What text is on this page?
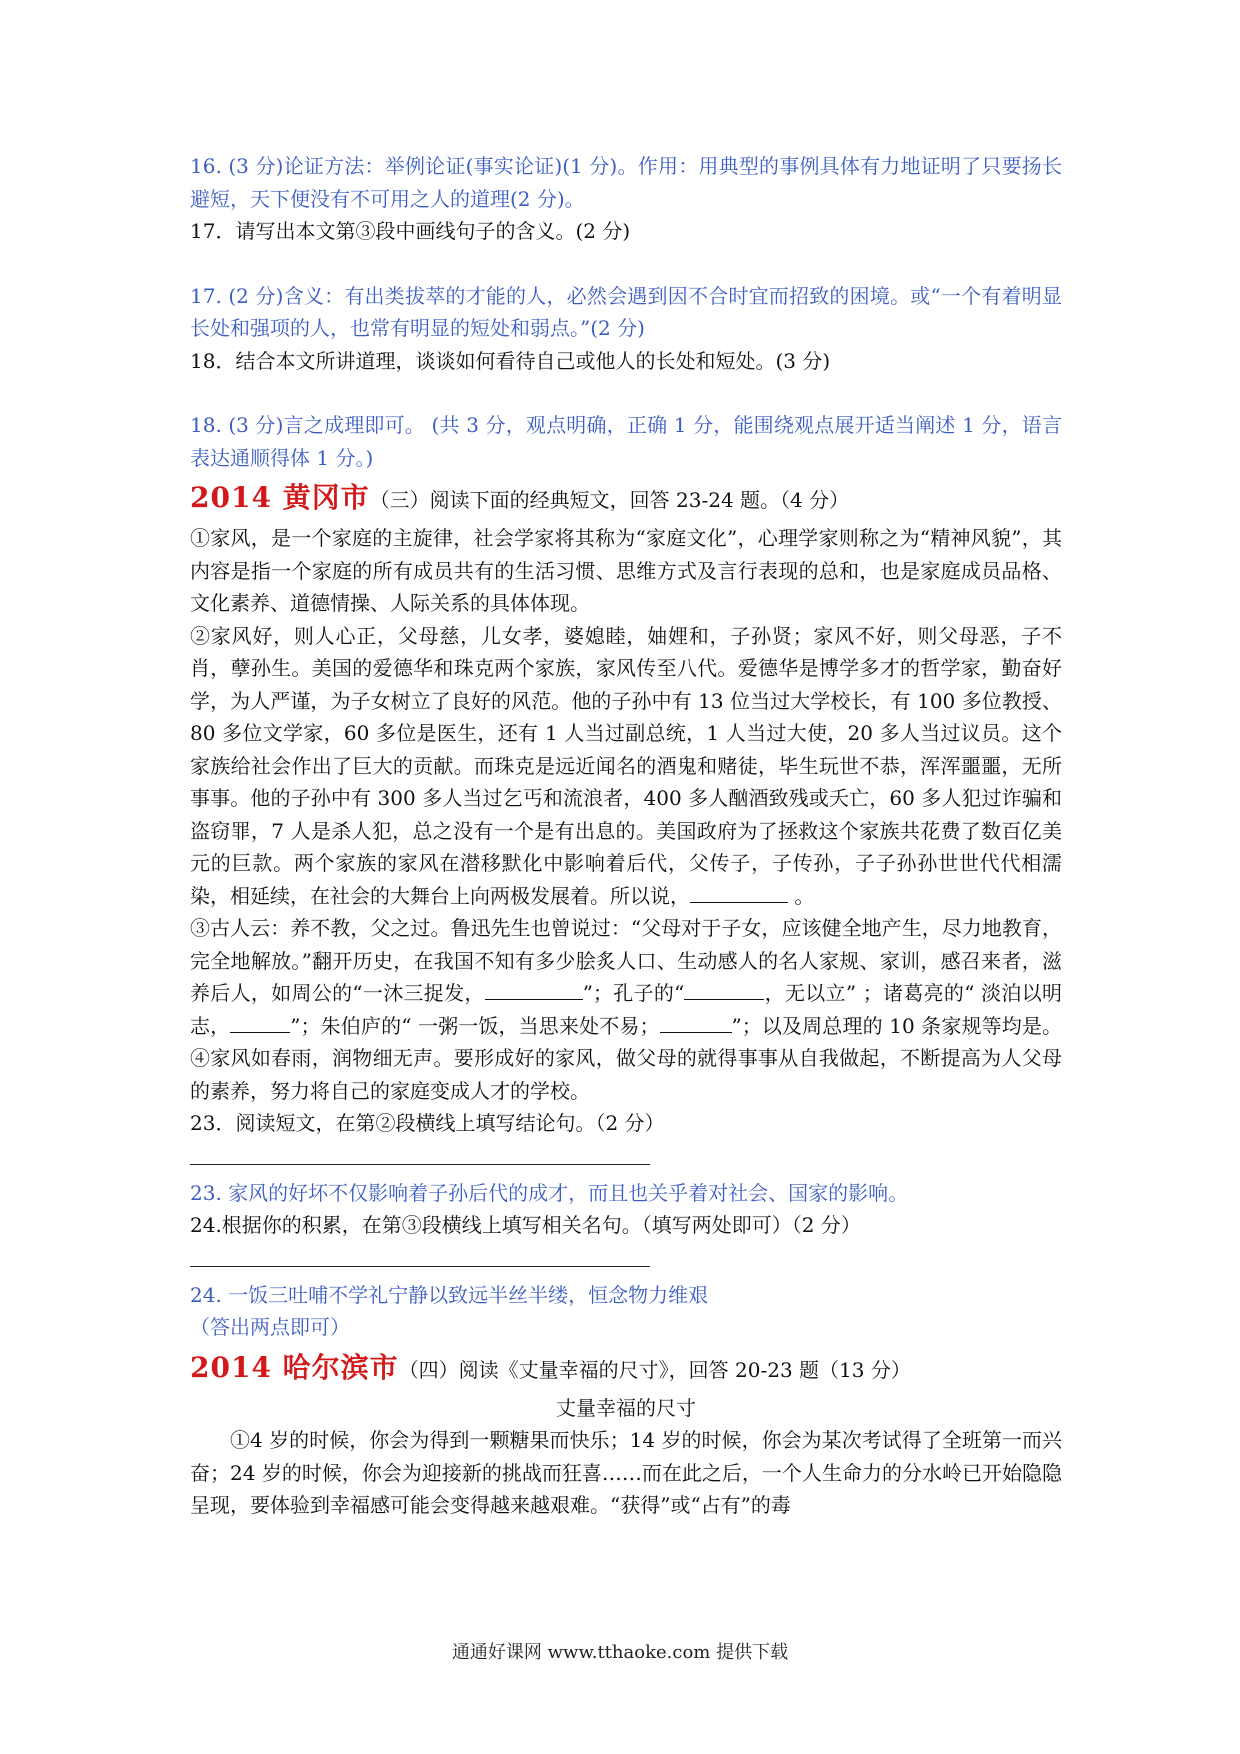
16. (3 分)论证方法：举例论证(事实论证)(1 分)。作用：用典型的事例具体有力地证明了只要扬长避短，天下便没有不可用之人的道理(2 分)。

17．请写出本文第③段中画线句子的含义。(2 分)

17. (2 分)含义：有出类拔萃的才能的人，必然会遇到因不合时宜而招致的困境。或“一个有着明显长处和强项的人，也常有明显的短处和弱点。”(2 分)

18．结合本文所讲道理，谈谈如何看待自己或他人的长处和短处。(3 分)

18. (3 分)言之成理即可。 (共 3 分，观点明确，正确 1 分，能围绕观点展开适当阐述 1 分，语言表达通顺得体 1 分。)

2014 黄冈市（三）阅读下面的经典短文，回答 23-24 题。（4 分）

①家风，是一个家庭的主旋律，社会学家将其称为“家庭文化”，心理学家则称之为“精神风貌”，其内容是指一个家庭的所有成员共有的生活习惯、思维方式及言行表现的总和，也是家庭成员品格、文化素养、道德情操、人际关系的具体体现。

②家风好，则人心正，父母慈，儿女孝，婆媳睦，妯娌和，子孙贤；家风不好，则父母恶，子不肖，孽孙生。美国的爱德华和珠克两个家族，家风传至八代。爱德华是博学多才的哲学家，勤奋好学，为人严谨，为子女树立了良好的风范。他的子孙中有 13 位当过大学校长，有 100 多位教授、80 多位文学家，60 多位是医生，还有 1 人当过副总统，1 人当过大使，20 多人当过议员。这个家族给社会作出了巨大的贡献。而珠克是远近闻名的酒鬼和赌徒，毕生玩世不恭，浑浑噩噩，无所事事。他的子孙中有 300 多人当过乞丐和流浪者，400 多人酗酒致残或夭亡，60 多人犯过诈骗和盗窃罪，7 人是杀人犯，总之没有一个是有出息的。美国政府为了拯救这个家族共花费了数百亿美元的巨款。两个家族的家风在潜移默化中影响着后代，父传子，子传孙，子子孙孙世世代代相濡染，相延续，在社会的大舞台上向两极发展着。所以说，	。

③古人云：养不教，父之过。鲁迅先生也曾说过：“父母对于子女，应该健全地产生，尽力地教育，完全地解放。”翻开历史，在我国不知有多少脍炙人口、生动感人的名人家规、家训，感召来者，滋养后人，如周公的“一沐三捉发，	”；孔子的“	，无以立” ；诸葛亮的“ 淡泊以明志，	”；朱伯庐的“ 一粥一饭，当思来处不易；	”；以及周总理的 10 条家规等均是。④家风如春雨，润物细无声。要形成好的家风，做父母的就得事事从自我做起，不断提高为人父母的素养，努力将自己的家庭变成人才的学校。

23．阅读短文，在第②段横线上填写结论句。（2 分）

23. 家风的好坏不仅影响着子孙后代的成才，而且也关乎着对社会、国家的影响。

24.根据你的积累，在第③段横线上填写相关名句。（填写两处即可）（2 分）

24. 一饭三吐哺不学礼宁静以致远半丝半缕，恒念物力维艰

（答出两点即可）

2014 哈尔滨市（四）阅读《丈量幸福的尺寸》，回答 20-23 题（13 分）

丈量幸福的尺寸

①4 岁的时候，你会为得到一颗糖果而快乐；14 岁的时候，你会为某次考试得了全班第一而兴奋；24 岁的时候，你会为迎接新的挑战而狂喜……而在此之后，一个人生命力的分水岭已开始隐隐呈现，要体验到幸福感可能会变得越来越艰难。“获得”或“占有”的毒

通通好课网 www.tthaoke.com 提供下载
